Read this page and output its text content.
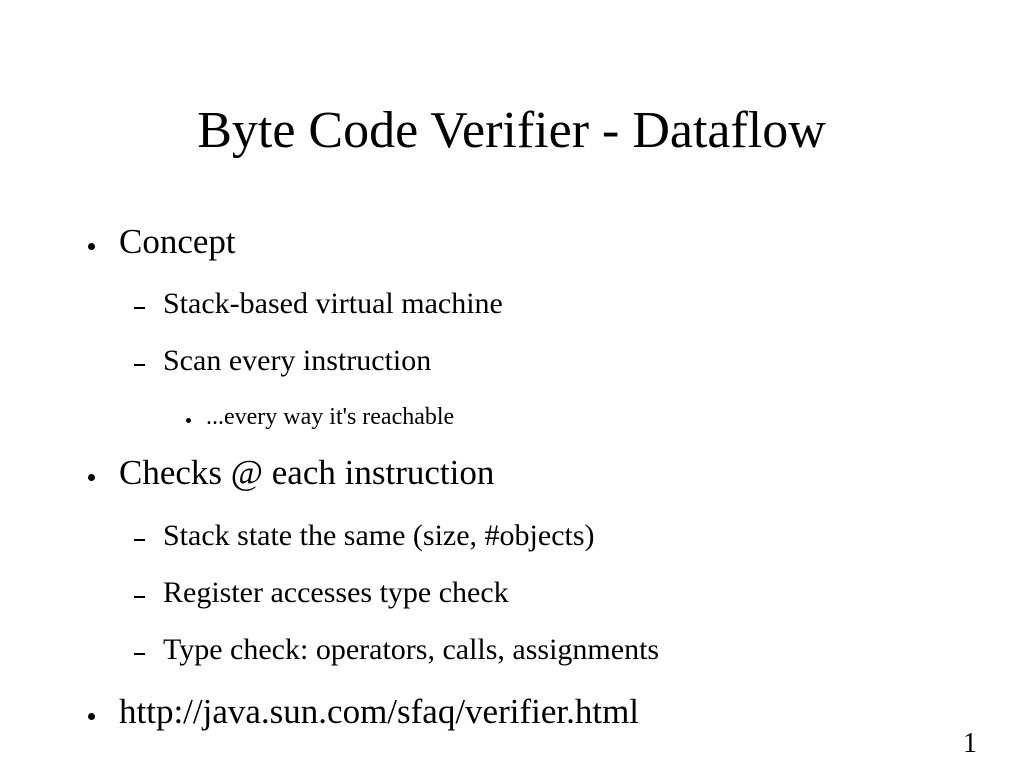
Byte Code Verifier - Dataflow
Concept
Stack-based virtual machine
Scan every instruction
...every way it's reachable
Checks @ each instruction
Stack state the same (size, #objects)
Register accesses type check
Type check: operators, calls, assignments
http://java.sun.com/sfaq/verifier.html
1
